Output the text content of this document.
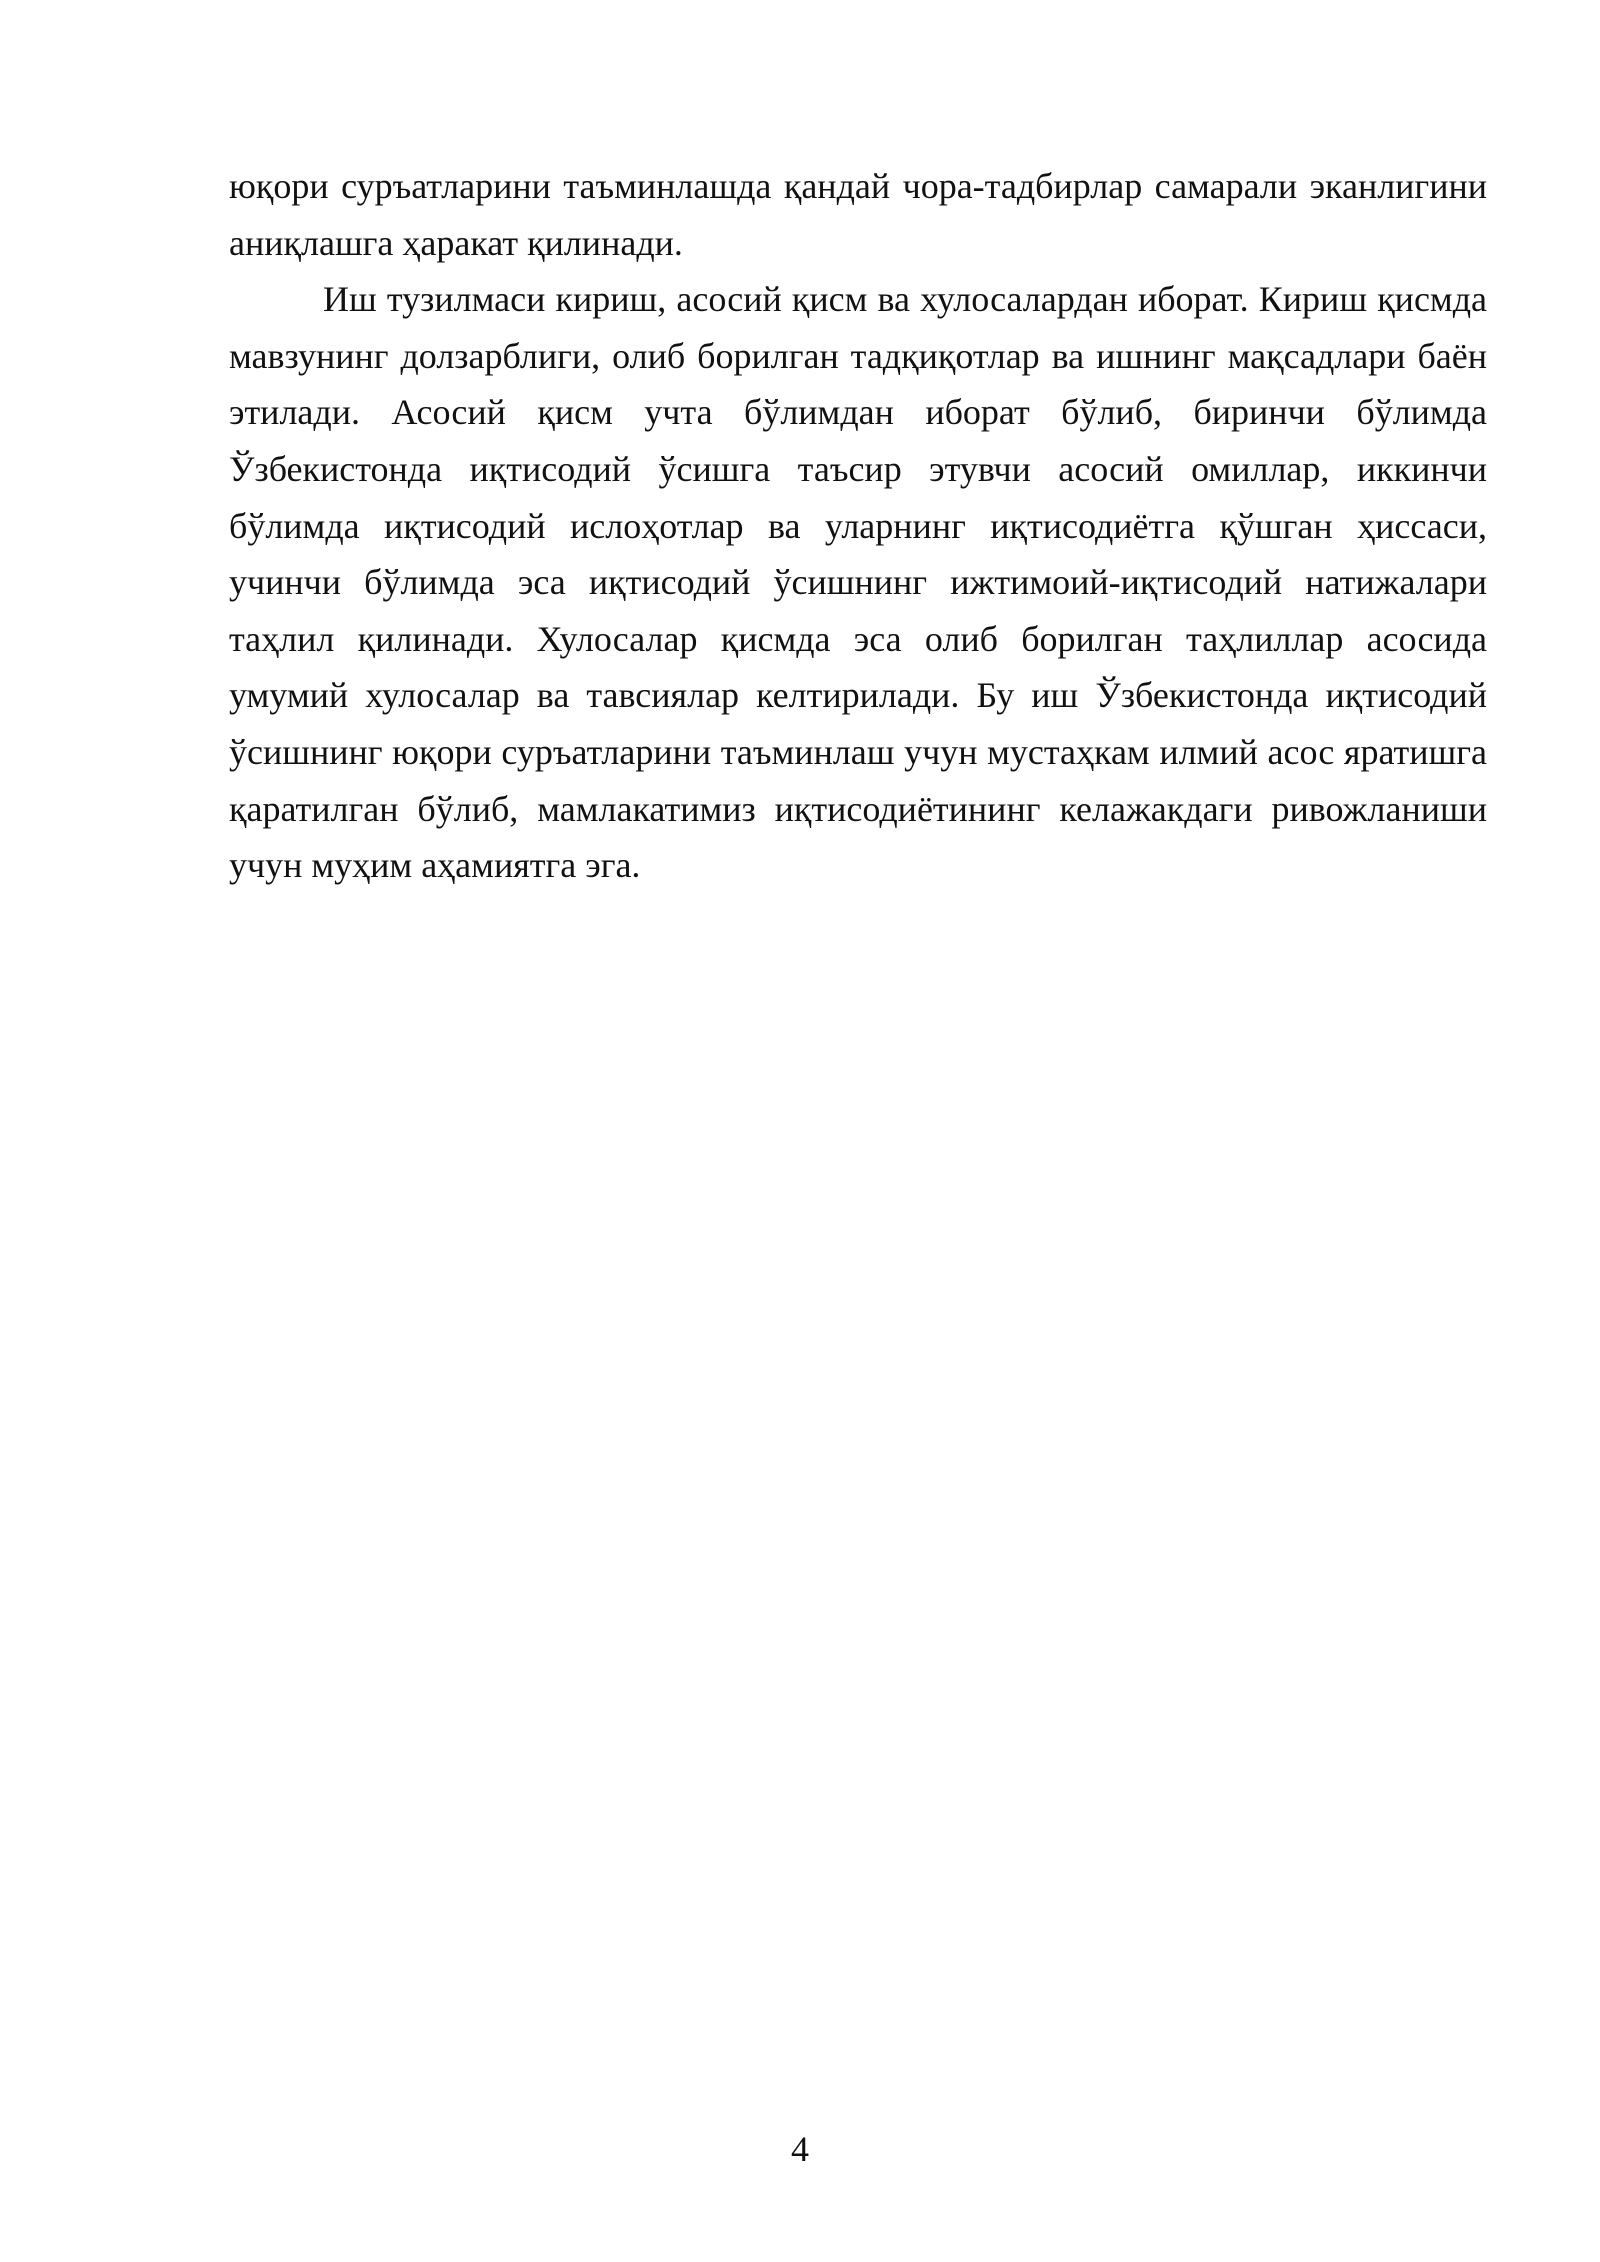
юқори суръатларини таъминлашда қандай чора-тадбирлар самарали эканлигини аниқлашга ҳаракат қилинади.

Иш тузилмаси кириш, асосий қисм ва хулосалардан иборат. Кириш қисмда мавзунинг долзарблиги, олиб борилган тадқиқотлар ва ишнинг мақсадлари баён этилади. Асосий қисм учта бўлимдан иборат бўлиб, биринчи бўлимда Ўзбекистонда иқтисодий ўсишга таъсир этувчи асосий омиллар, иккинчи бўлимда иқтисодий ислоҳотлар ва уларнинг иқтисодиётга қўшган ҳиссаси, учинчи бўлимда эса иқтисодий ўсишнинг ижтимоий-иқтисодий натижалари таҳлил қилинади. Хулосалар қисмда эса олиб борилган таҳлиллар асосида умумий хулосалар ва тавсиялар келтирилади. Бу иш Ўзбекистонда иқтисодий ўсишнинг юқори суръатларини таъминлаш учун мустаҳкам илмий асос яратишга қаратилган бўлиб, мамлакатимиз иқтисодиётининг келажакдаги ривожланиши учун муҳим аҳамиятга эга.

4
